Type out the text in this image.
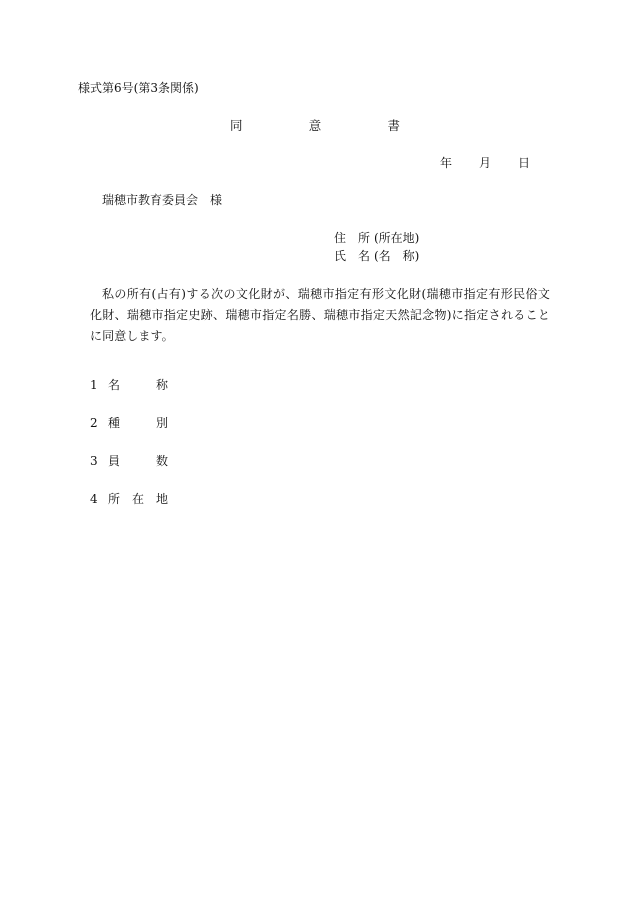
様式第6号(第3条関係)
同	意	書
年 月 日
瑞穂市教育委員会 様
住 所 (所在地)
氏 名 (名　称)
私の所有(占有)する次の文化財が、瑞穂市指定有形文化財(瑞穂市指定有形民俗文化財、瑞穂市指定史跡、瑞穂市指定名勝、瑞穂市指定天然記念物)に指定されることに同意します。
1 名	称
2 種	別
3 員	数
4 所 在 地
